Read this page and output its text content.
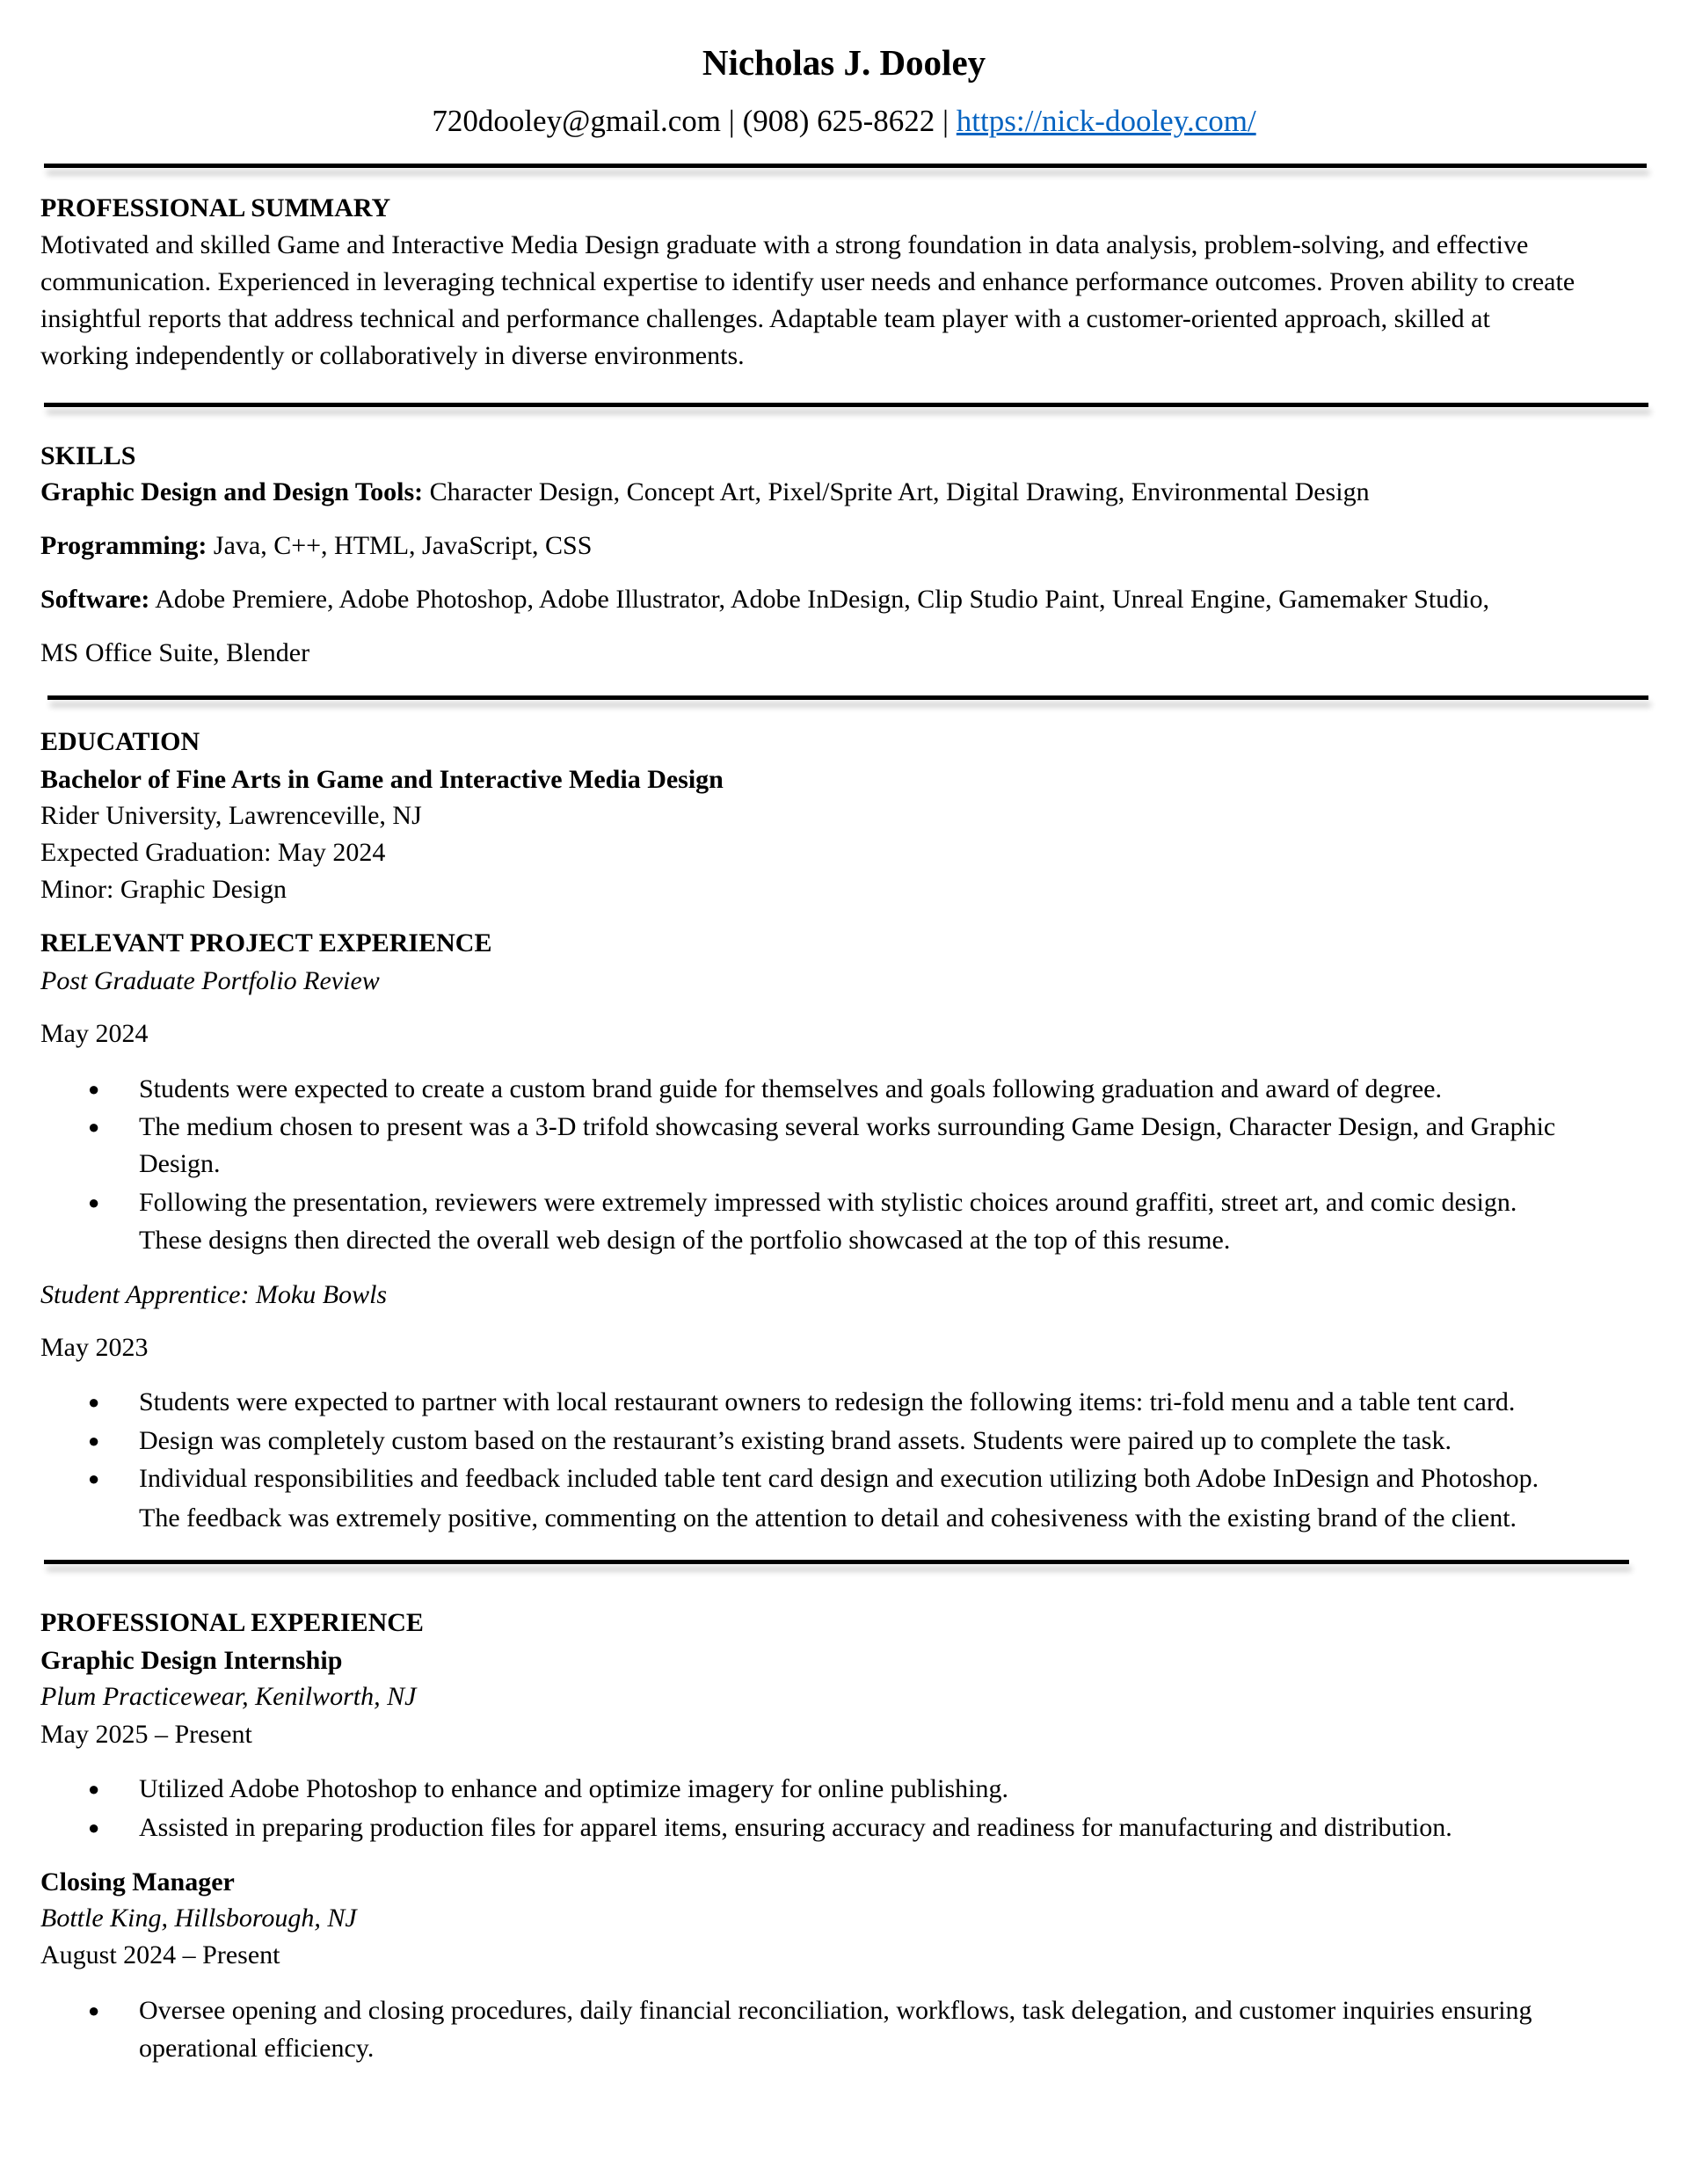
Nicholas J. Dooley
720dooley@gmail.com | (908) 625-8622 | https://nick-dooley.com/
PROFESSIONAL SUMMARY
Motivated and skilled Game and Interactive Media Design graduate with a strong foundation in data analysis, problem-solving, and effective
communication. Experienced in leveraging technical expertise to identify user needs and enhance performance outcomes. Proven ability to create
insightful reports that address technical and performance challenges. Adaptable team player with a customer-oriented approach, skilled at
working independently or collaboratively in diverse environments.
SKILLS
Graphic Design and Design Tools: Character Design, Concept Art, Pixel/Sprite Art, Digital Drawing, Environmental Design
Programming: Java, C++, HTML, JavaScript, CSS
Software: Adobe Premiere, Adobe Photoshop, Adobe Illustrator, Adobe InDesign, Clip Studio Paint, Unreal Engine, Gamemaker Studio,
MS Office Suite, Blender
EDUCATION
Bachelor of Fine Arts in Game and Interactive Media Design
Rider University, Lawrenceville, NJ
Expected Graduation: May 2024
Minor: Graphic Design
RELEVANT PROJECT EXPERIENCE
Post Graduate Portfolio Review
May 2024
● Students were expected to create a custom brand guide for themselves and goals following graduation and award of degree.
● The medium chosen to present was a 3-D trifold showcasing several works surrounding Game Design, Character Design, and Graphic
Design.
● Following the presentation, reviewers were extremely impressed with stylistic choices around graffiti, street art, and comic design.
These designs then directed the overall web design of the portfolio showcased at the top of this resume.
Student Apprentice: Moku Bowls
May 2023
● Students were expected to partner with local restaurant owners to redesign the following items: tri-fold menu and a table tent card.
● Design was completely custom based on the restaurant’s existing brand assets. Students were paired up to complete the task.
● Individual responsibilities and feedback included table tent card design and execution utilizing both Adobe InDesign and Photoshop.
The feedback was extremely positive, commenting on the attention to detail and cohesiveness with the existing brand of the client.
PROFESSIONAL EXPERIENCE
Graphic Design Internship
Plum Practicewear, Kenilworth, NJ
May 2025 – Present
● Utilized Adobe Photoshop to enhance and optimize imagery for online publishing.
● Assisted in preparing production files for apparel items, ensuring accuracy and readiness for manufacturing and distribution.
Closing Manager
Bottle King, Hillsborough, NJ
August 2024 – Present
● Oversee opening and closing procedures, daily financial reconciliation, workflows, task delegation, and customer inquiries ensuring
operational efficiency.
